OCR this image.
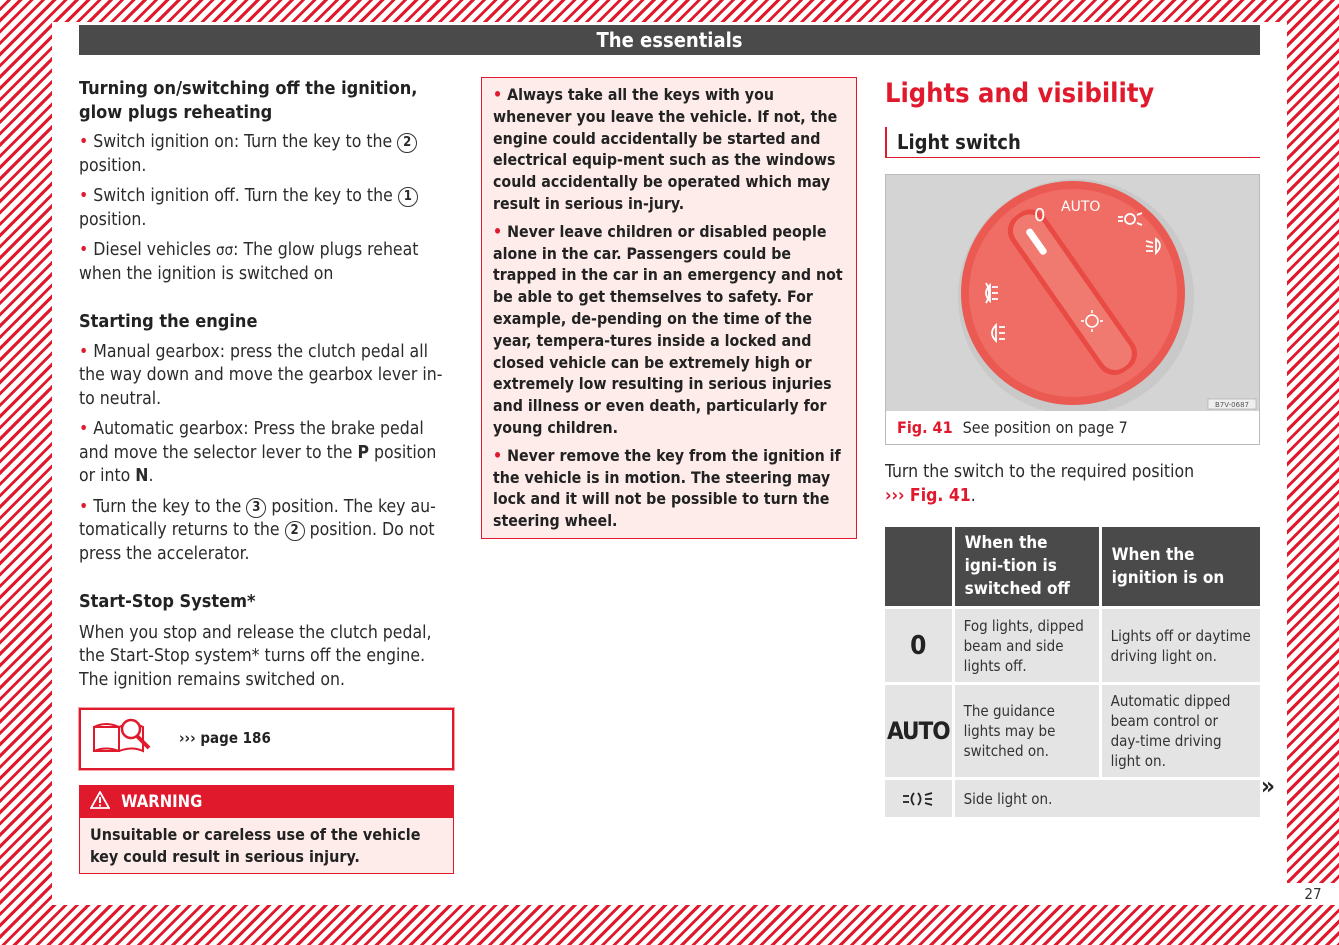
27
The essentials
Turning on/switching off the ignition, glow plugs reheating

• Switch ignition on: Turn the key to the 2 position.

• Switch ignition off. Turn the key to the 1 position.

• Diesel vehicles σσ: The glow plugs reheat when the ignition is switched on

Starting the engine

• Manual gearbox: press the clutch pedal all the way down and move the gearbox lever in-to neutral.

• Automatic gearbox: Press the brake pedal and move the selector lever to the P position or into N.

• Turn the key to the 3 position. The key au-tomatically returns to the 2 position. Do not press the accelerator.

Start-Stop System*

When you stop and release the clutch pedal, the Start-Stop system* turns off the engine. The ignition remains switched on.

››› page 186
WARNING
Unsuitable or careless use of the vehicle key could result in serious injury.

• Always take all the keys with you whenever you leave the vehicle. If not, the engine could accidentally be started and electrical equip-ment such as the windows could accidentally be operated which may result in serious in-jury.

• Never leave children or disabled people alone in the car. Passengers could be trapped in the car in an emergency and not be able to get themselves to safety. For example, de-pending on the time of the year, tempera-tures inside a locked and closed vehicle can be extremely high or extremely low resulting in serious injuries and illness or even death, particularly for young children.

• Never remove the key from the ignition if the vehicle is in motion. The steering may lock and it will not be possible to turn the steering wheel.

Lights and visibility
Light switch
0 AUTO
B7V-0687
Fig. 41 See position on page 7

Turn the switch to the required position
››› Fig. 41.

	When the igni-tion is switched off	When the ignition is on
0	Fog lights, dipped beam and side lights off.	Lights off or daytime driving light on.
AUTO	The guidance lights may be switched on.	Automatic dipped beam control or day-time driving light on.
	Side light on.		»
